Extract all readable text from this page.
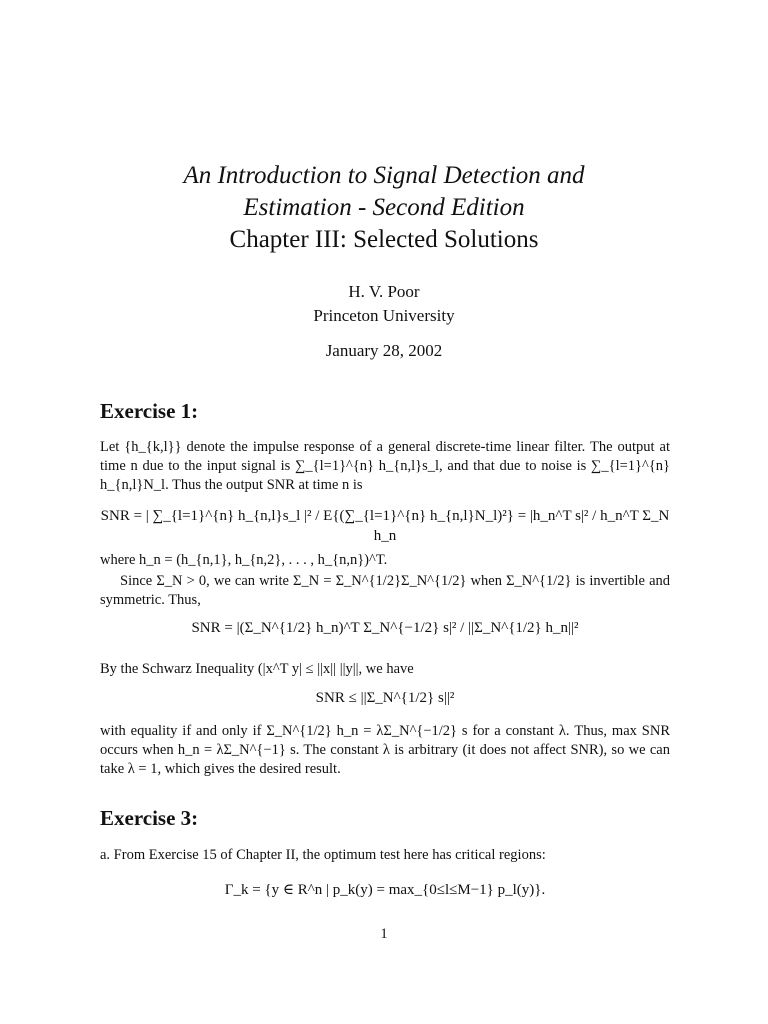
An Introduction to Signal Detection and
Estimation - Second Edition
Chapter III: Selected Solutions
H. V. Poor
Princeton University
January 28, 2002
Exercise 1:
Let {h_{k,l}} denote the impulse response of a general discrete-time linear filter. The output at time n due to the input signal is ∑_{l=1}^{n} h_{n,l}s_l, and that due to noise is ∑_{l=1}^{n} h_{n,l}N_l. Thus the output SNR at time n is
SNR = | ∑_{l=1}^{n} h_{n,l}s_l |² / E{(∑_{l=1}^{n} h_{n,l}N_l)²} = |h_n^T s|² / h_n^T Σ_N h_n
where h_n = (h_{n,1}, h_{n,2}, . . . , h_{n,n})^T.
Since Σ_N > 0, we can write Σ_N = Σ_N^{1/2}Σ_N^{1/2} when Σ_N^{1/2} is invertible and symmetric. Thus,
SNR = |(Σ_N^{1/2} h_n)^T Σ_N^{−1/2} s|² / ||Σ_N^{1/2} h_n||²
By the Schwarz Inequality (|x^T y| ≤ ||x|| ||y||, we have
SNR ≤ ||Σ_N^{1/2} s||²
with equality if and only if Σ_N^{1/2} h_n = λΣ_N^{−1/2} s for a constant λ. Thus, max SNR occurs when h_n = λΣ_N^{−1} s. The constant λ is arbitrary (it does not affect SNR), so we can take λ = 1, which gives the desired result.
Exercise 3:
a. From Exercise 15 of Chapter II, the optimum test here has critical regions:
Γ_k = {y ∈ R^n | p_k(y) = max_{0≤l≤M−1} p_l(y)}.
1
